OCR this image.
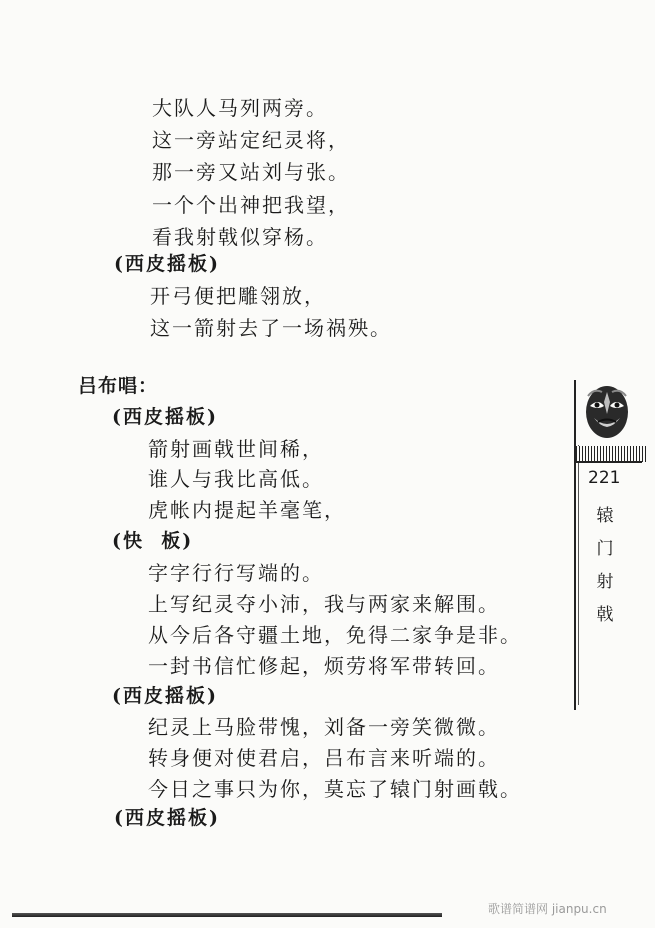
大队人马列两旁。
这一旁站定纪灵将，
那一旁又站刘与张。
一个个出神把我望，
看我射戟似穿杨。
(西皮摇板)
开弓便把雕翎放，
这一箭射去了一场祸殃。
吕布唱：
(西皮摇板)
箭射画戟世间稀，
谁人与我比高低。
虎帐内提起羊毫笔，
(快  板)
字字行行写端的。
上写纪灵夺小沛，我与两家来解围。
从今后各守疆土地，免得二家争是非。
一封书信忙修起，烦劳将军带转回。
(西皮摇板)
纪灵上马脸带愧，刘备一旁笑微微。
转身便对使君启，吕布言来听端的。
今日之事只为你，莫忘了辕门射画戟。
(西皮摇板)
221
辕门射戟
歌谱简谱网 jianpu.cn
